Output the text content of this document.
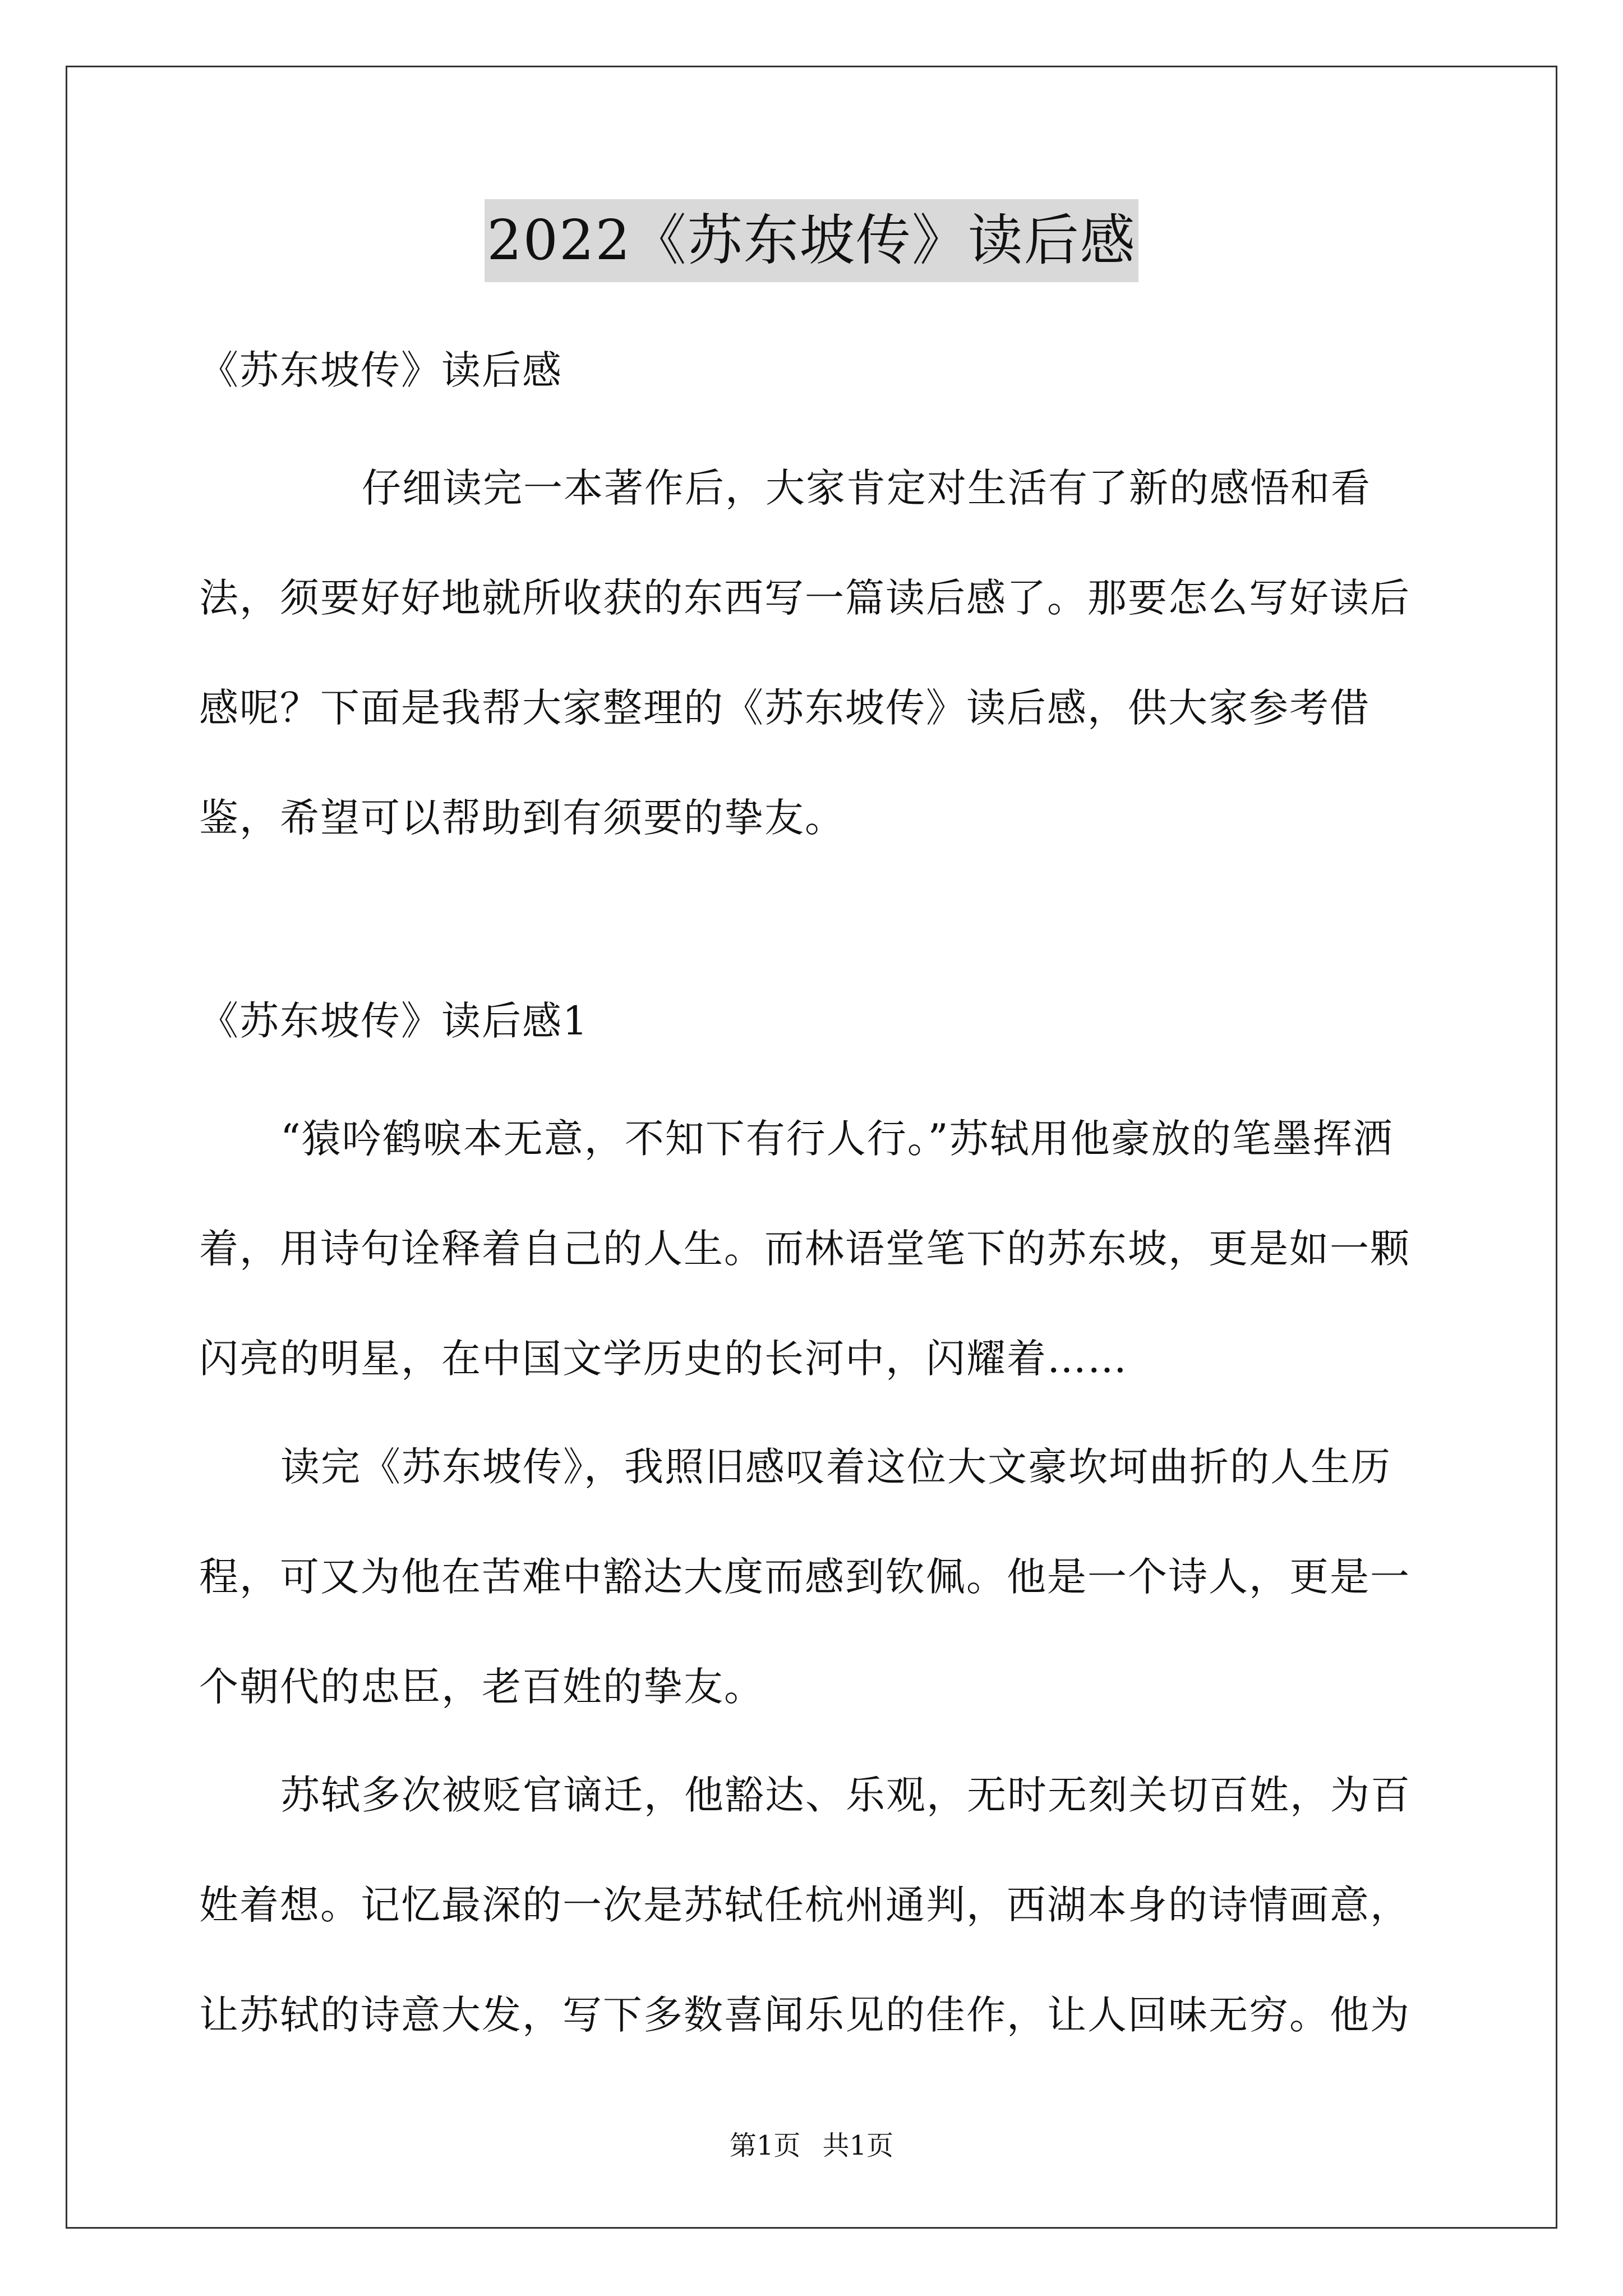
2022《苏东坡传》读后感
《苏东坡传》读后感

仔细读完一本著作后，大家肯定对生活有了新的感悟和看法，须要好好地就所收获的东西写一篇读后感了。那要怎么写好读后感呢？下面是我帮大家整理的《苏东坡传》读后感，供大家参考借鉴，希望可以帮助到有须要的挚友。

《苏东坡传》读后感1

“猿吟鹤唳本无意，不知下有行人行。”苏轼用他豪放的笔墨挥洒着，用诗句诠释着自己的人生。而林语堂笔下的苏东坡，更是如一颗闪亮的明星，在中国文学历史的长河中，闪耀着……

读完《苏东坡传》，我照旧感叹着这位大文豪坎坷曲折的人生历程，可又为他在苦难中豁达大度而感到钦佩。他是一个诗人，更是一个朝代的忠臣，老百姓的挚友。

苏轼多次被贬官谪迁，他豁达、乐观，无时无刻关切百姓，为百姓着想。记忆最深的一次是苏轼任杭州通判，西湖本身的诗情画意，让苏轼的诗意大发，写下多数喜闻乐见的佳作，让人回味无穷。他为

第1页 共1页
